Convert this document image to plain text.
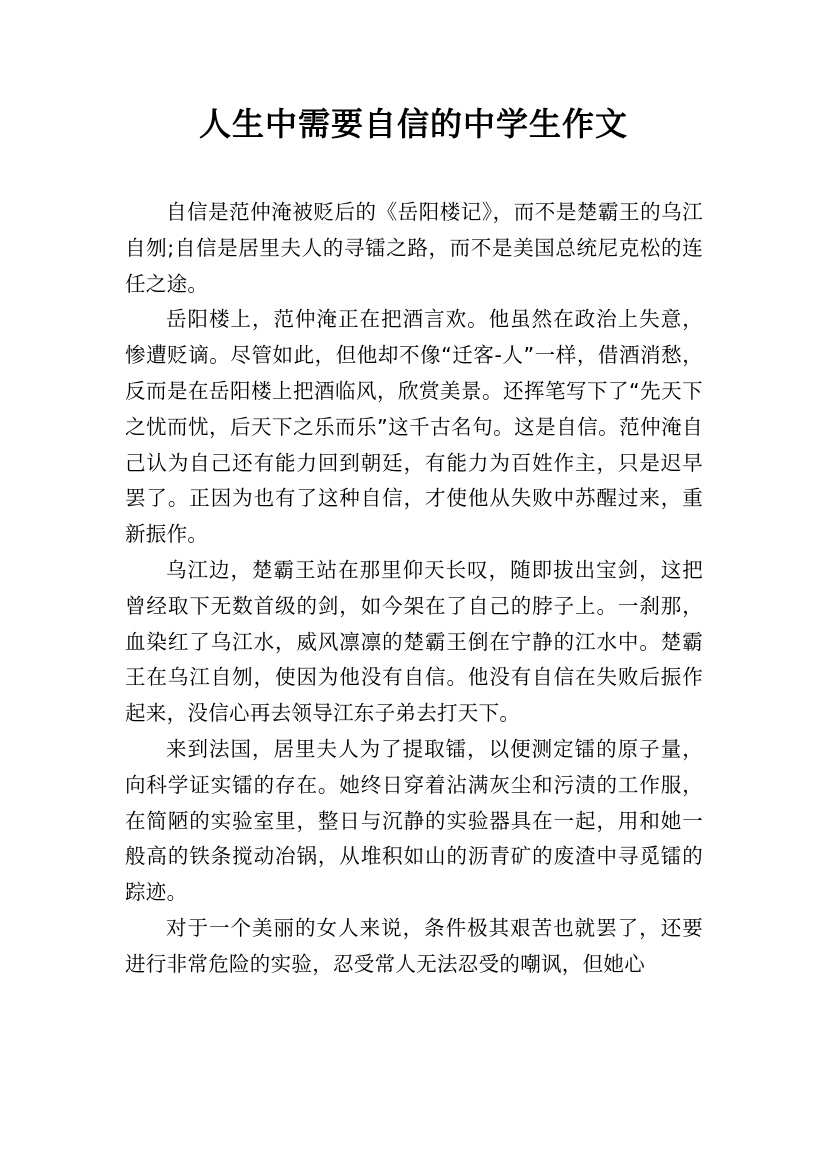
人生中需要自信的中学生作文

自信是范仲淹被贬后的《岳阳楼记》，而不是楚霸王的乌江自刎;自信是居里夫人的寻镭之路，而不是美国总统尼克松的连任之途。

岳阳楼上，范仲淹正在把酒言欢。他虽然在政治上失意，惨遭贬谪。尽管如此，但他却不像“迁客-人”一样，借酒消愁，反而是在岳阳楼上把酒临风，欣赏美景。还挥笔写下了“先天下之忧而忧，后天下之乐而乐”这千古名句。这是自信。范仲淹自己认为自己还有能力回到朝廷，有能力为百姓作主，只是迟早罢了。正因为也有了这种自信，才使他从失败中苏醒过来，重新振作。

乌江边，楚霸王站在那里仰天长叹，随即拔出宝剑，这把曾经取下无数首级的剑，如今架在了自己的脖子上。一刹那，血染红了乌江水，威风凛凛的楚霸王倒在宁静的江水中。楚霸王在乌江自刎，使因为他没有自信。他没有自信在失败后振作起来，没信心再去领导江东子弟去打天下。

来到法国，居里夫人为了提取镭，以便测定镭的原子量，向科学证实镭的存在。她终日穿着沾满灰尘和污渍的工作服，在简陋的实验室里，整日与沉静的实验器具在一起，用和她一般高的铁条搅动冶锅，从堆积如山的沥青矿的废渣中寻觅镭的踪迹。

对于一个美丽的女人来说，条件极其艰苦也就罢了，还要进行非常危险的实验，忍受常人无法忍受的嘲讽，但她心
